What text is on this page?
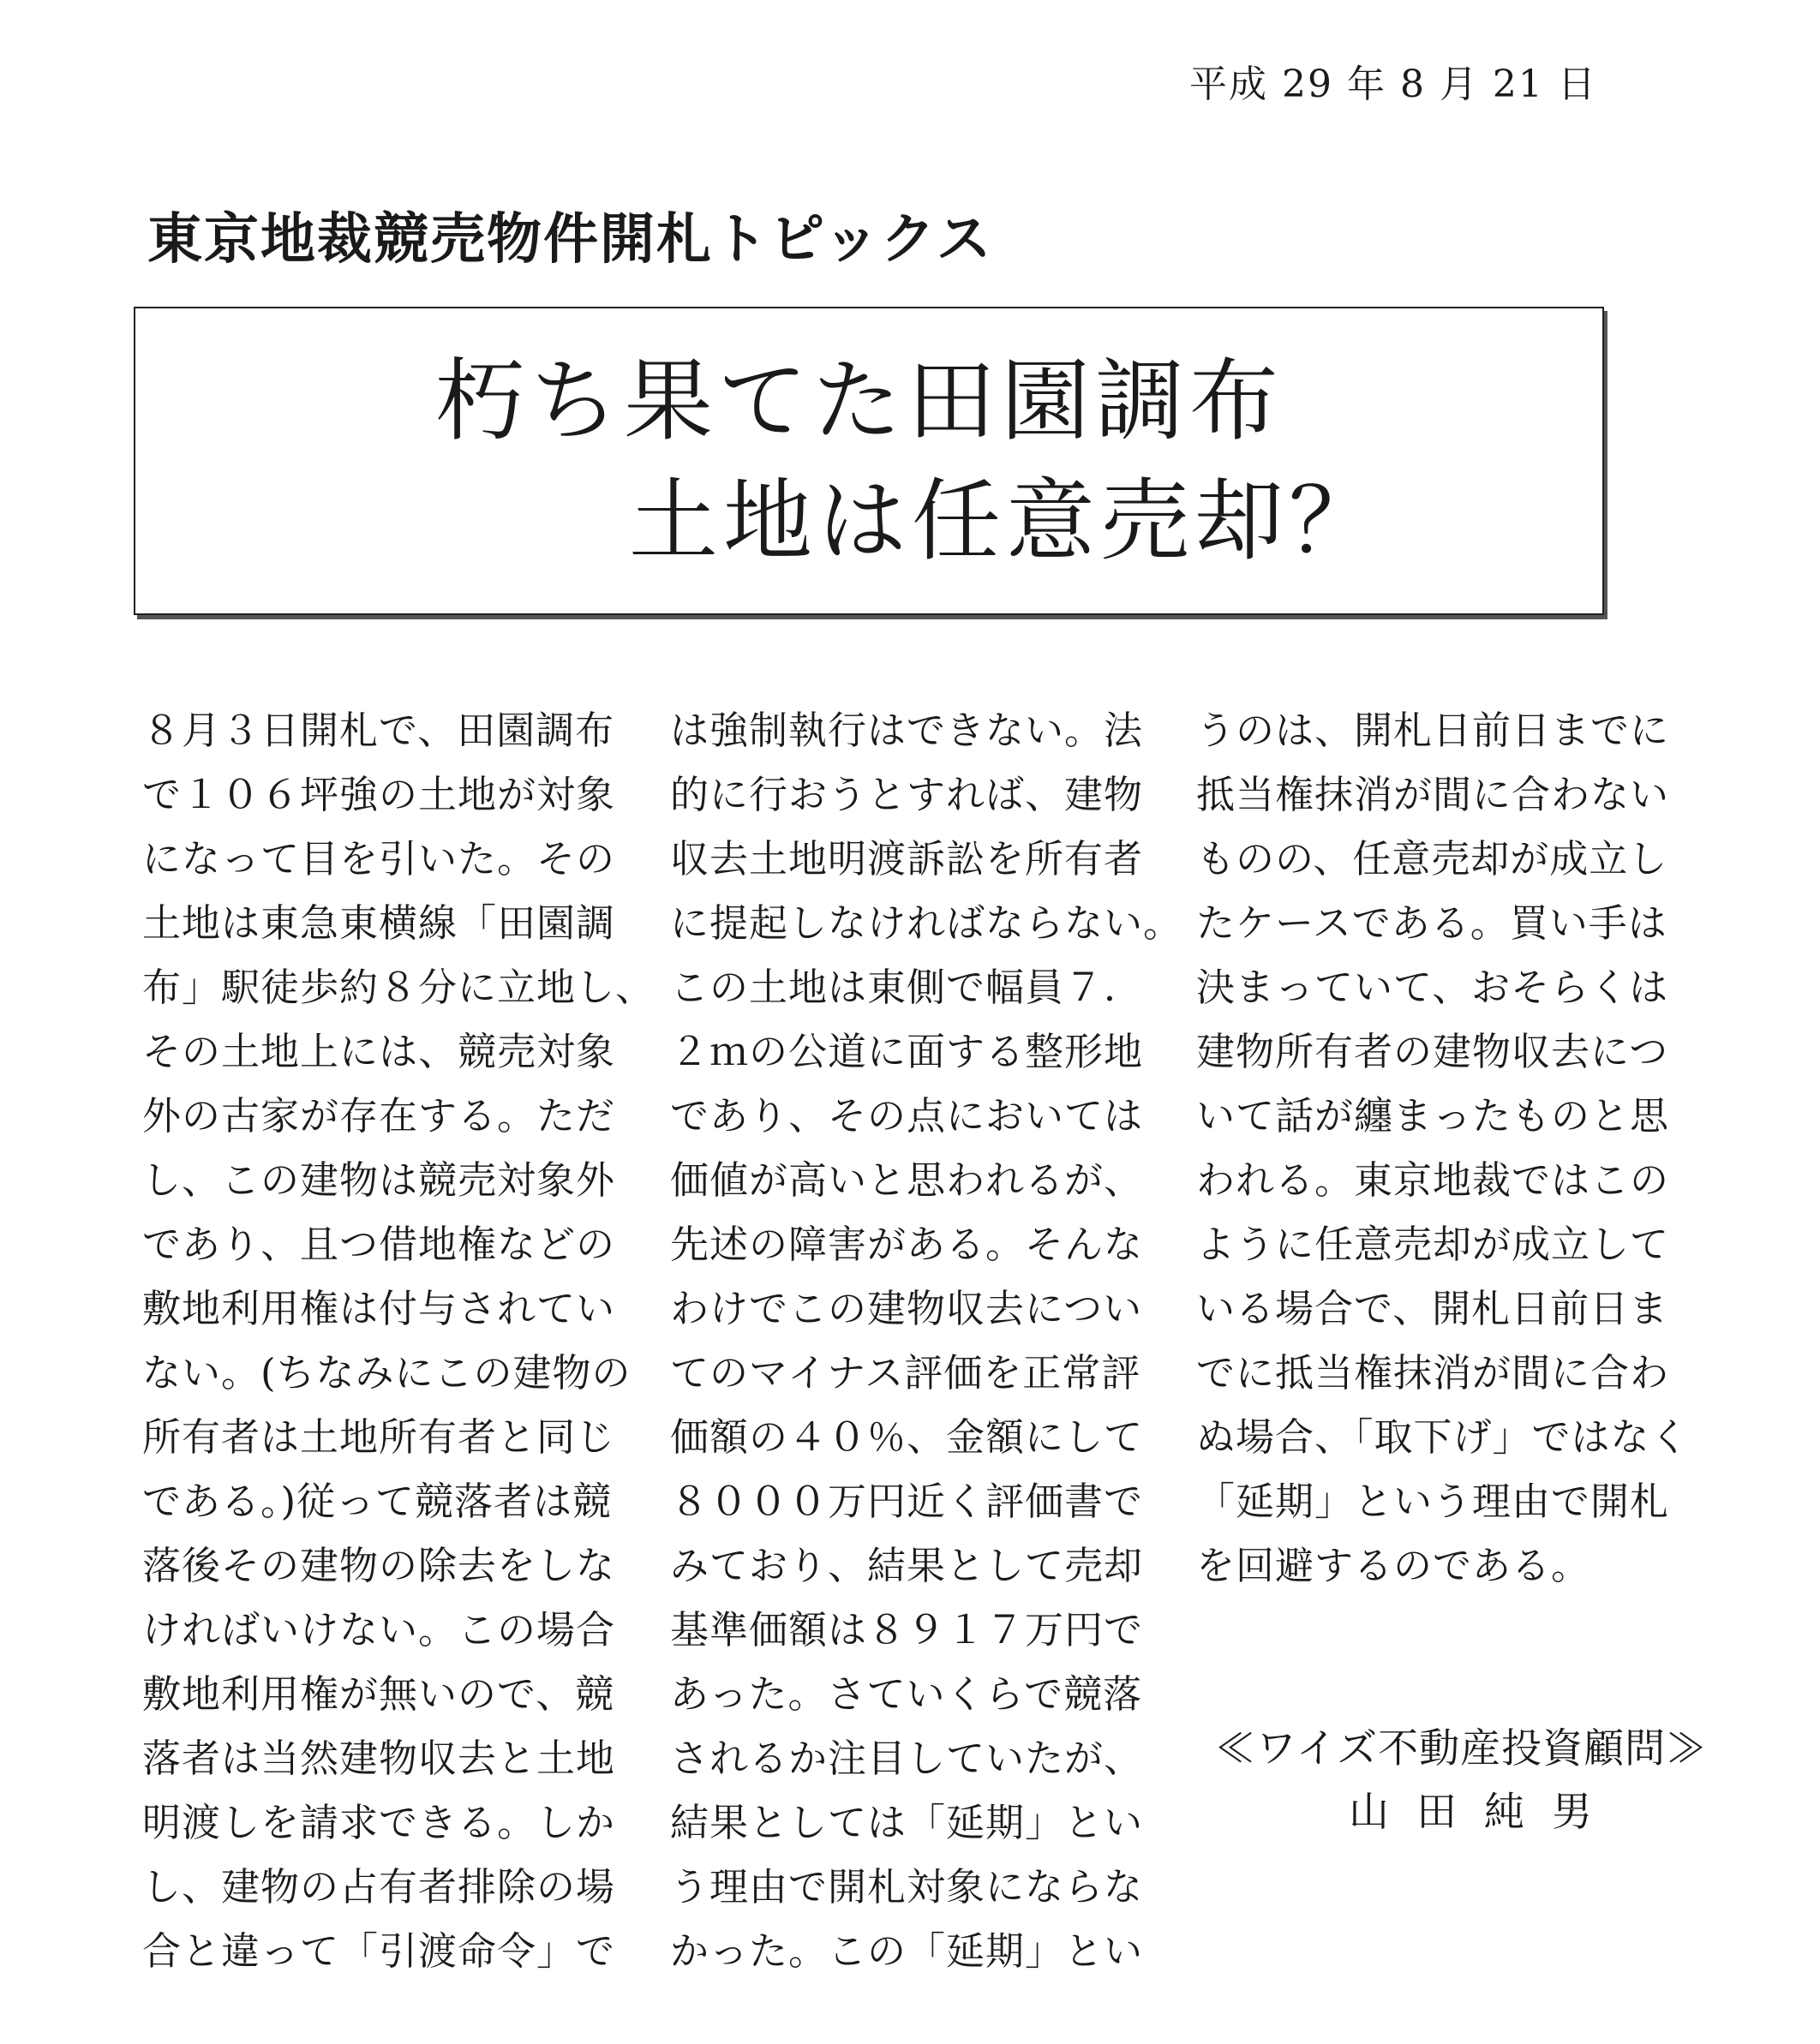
平成 29 年 8 月 21 日
東京地裁競売物件開札トピックス
朽ち果てた田園調布
土地は任意売却？
８月３日開札で、田園調布
で１０６坪強の土地が対象
になって目を引いた。その
土地は東急東横線「田園調
布」駅徒歩約８分に立地し、
その土地上には、競売対象
外の古家が存在する。ただ
し、この建物は競売対象外
であり、且つ借地権などの
敷地利用権は付与されてい
ない。(ちなみにこの建物の
所有者は土地所有者と同じ
である。)従って競落者は競
落後その建物の除去をしな
ければいけない。この場合
敷地利用権が無いので、競
落者は当然建物収去と土地
明渡しを請求できる。しか
し、建物の占有者排除の場
合と違って「引渡命令」で
は強制執行はできない。法
的に行おうとすれば、建物
収去土地明渡訴訟を所有者
に提起しなければならない。
この土地は東側で幅員７．
２ｍの公道に面する整形地
であり、その点においては
価値が高いと思われるが、
先述の障害がある。そんな
わけでこの建物収去につい
てのマイナス評価を正常評
価額の４０％、金額にして
８０００万円近く評価書で
みており、結果として売却
基準価額は８９１７万円で
あった。さていくらで競落
されるか注目していたが、
結果としては「延期」とい
う理由で開札対象にならな
かった。この「延期」とい
うのは、開札日前日までに
抵当権抹消が間に合わない
ものの、任意売却が成立し
たケースである。買い手は
決まっていて、おそらくは
建物所有者の建物収去につ
いて話が纏まったものと思
われる。東京地裁ではこの
ように任意売却が成立して
いる場合で、開札日前日ま
でに抵当権抹消が間に合わ
ぬ場合、「取下げ」ではなく
「延期」という理由で開札
を回避するのである。
≪ワイズ不動産投資顧問≫
山田純男
